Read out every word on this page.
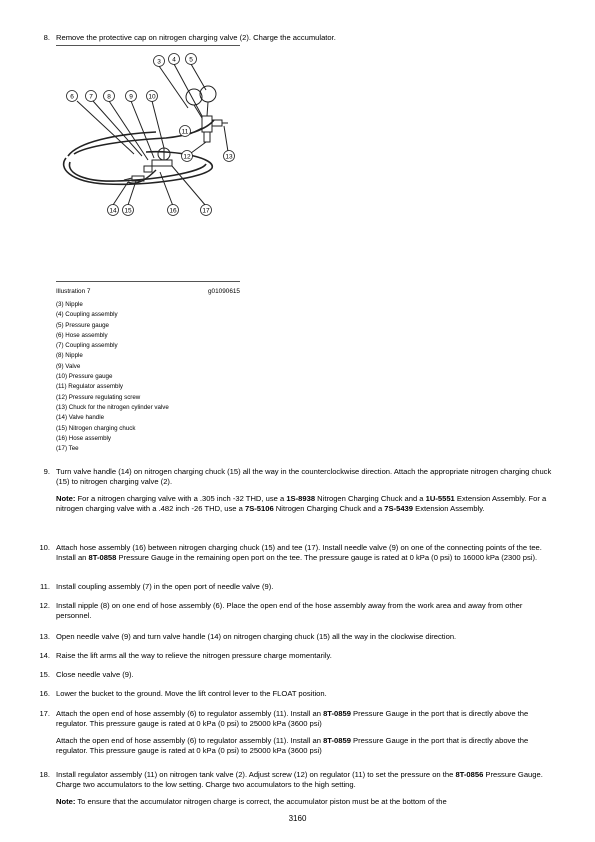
8. Remove the protective cap on nitrogen charging valve (2). Charge the accumulator.
3 4 5
6 7 8	9 10
11
12	13
14 15	16	17
Illustration 7	g01090615
(3) Nipple
(4) Coupling assembly
(5) Pressure gauge
(6) Hose assembly
(7) Coupling assembly
(8) Nipple
(9) Valve
(10) Pressure gauge
(11) Regulator assembly
(12) Pressure regulating screw
(13) Chuck for the nitrogen cylinder valve
(14) Valve handle
(15) Nitrogen charging chuck
(16) Hose assembly
(17) Tee
9. Turn valve handle (14) on nitrogen charging chuck (15) all the way in the counterclockwise direction. Attach the appropriate nitrogen charging chuck (15) to nitrogen charging valve (2).
Note: For a nitrogen charging valve with a .305 inch -32 THD, use a 1S-8938 Nitrogen Charging Chuck and a 1U-5551 Extension Assembly. For a nitrogen charging valve with a .482 inch -26 THD, use a 7S-5106 Nitrogen Charging Chuck and a 7S-5439 Extension Assembly.
10. Attach hose assembly (16) between nitrogen charging chuck (15) and tee (17). Install needle valve (9) on one of the connecting points of the tee. Install an 8T-0858 Pressure Gauge in the remaining open port on the tee. The pressure gauge is rated at 0 kPa (0 psi) to 16000 kPa (2300 psi).
11. Install coupling assembly (7) in the open port of needle valve (9).
12. Install nipple (8) on one end of hose assembly (6). Place the open end of the hose assembly away from the work area and away from other personnel.
13. Open needle valve (9) and turn valve handle (14) on nitrogen charging chuck (15) all the way in the clockwise direction.
14. Raise the lift arms all the way to relieve the nitrogen pressure charge momentarily.
15. Close needle valve (9).
16. Lower the bucket to the ground. Move the lift control lever to the FLOAT position.
17. Attach the open end of hose assembly (6) to regulator assembly (11). Install an 8T-0859 Pressure Gauge in the port that is directly above the regulator. This pressure gauge is rated at 0 kPa (0 psi) to 25000 kPa (3600 psi)
Attach the open end of hose assembly (6) to regulator assembly (11). Install an 8T-0859 Pressure Gauge in the port that is directly above the regulator. This pressure gauge is rated at 0 kPa (0 psi) to 25000 kPa (3600 psi)
18. Install regulator assembly (11) on nitrogen tank valve (2). Adjust screw (12) on regulator (11) to set the pressure on the 8T-0856 Pressure Gauge. Charge two accumulators to the low setting. Charge two accumulators to the high setting.
Note: To ensure that the accumulator nitrogen charge is correct, the accumulator piston must be at the bottom of the
3160
